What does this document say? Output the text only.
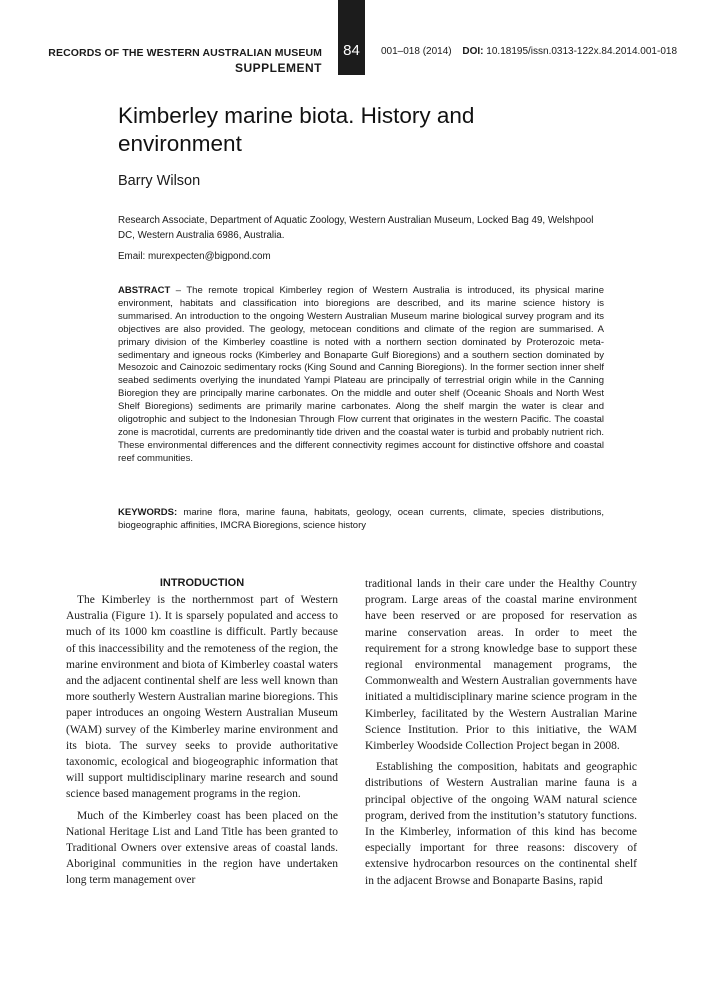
RECORDS OF THE WESTERN AUSTRALIAN MUSEUM
SUPPLEMENT
84	001–018 (2014) DOI: 10.18195/issn.0313-122x.84.2014.001-018
Kimberley marine biota. History and environment
Barry Wilson
Research Associate, Department of Aquatic Zoology, Western Australian Museum, Locked Bag 49, Welshpool DC, Western Australia 6986, Australia.
Email: murexpecten@bigpond.com

ABSTRACT – The remote tropical Kimberley region of Western Australia is introduced, its physical marine environment, habitats and classification into bioregions are described, and its marine science history is summarised. An introduction to the ongoing Western Australian Museum marine biological survey program and its objectives are also provided. The geology, metocean conditions and climate of the region are summarised. A primary division of the Kimberley coastline is noted with a northern section dominated by Proterozoic meta-sedimentary and igneous rocks (Kimberley and Bonaparte Gulf Bioregions) and a southern section dominated by Mesozoic and Cainozoic sedimentary rocks (King Sound and Canning Bioregions). In the former section inner shelf seabed sediments overlying the inundated Yampi Plateau are principally of terrestrial origin while in the Canning Bioregion they are principally marine carbonates. On the middle and outer shelf (Oceanic Shoals and North West Shelf Bioregions) sediments are primarily marine carbonates. Along the shelf margin the water is clear and oligotrophic and subject to the Indonesian Through Flow current that originates in the western Pacific. The coastal zone is macrotidal, currents are predominantly tide driven and the coastal water is turbid and probably nutrient rich. These environmental differences and the different connectivity regimes account for distinctive offshore and coastal reef communities.

KEYWORDS: marine flora, marine fauna, habitats, geology, ocean currents, climate, species distributions, biogeographic affinities, IMCRA Bioregions, science history

INTRODUCTION

The Kimberley is the northernmost part of Western Australia (Figure 1). It is sparsely populated and access to much of its 1000 km coastline is difficult. Partly because of this inaccessibility and the remoteness of the region, the marine environment and biota of Kimberley coastal waters and the adjacent continental shelf are less well known than more southerly Western Australian marine bioregions. This paper introduces an ongoing Western Australian Museum (WAM) survey of the Kimberley marine environment and its biota. The survey seeks to provide authoritative taxonomic, ecological and biogeographic information that will support multidisciplinary marine research and sound science based management programs in the region.

Much of the Kimberley coast has been placed on the National Heritage List and Land Title has been granted to Traditional Owners over extensive areas of coastal lands. Aboriginal communities in the region have undertaken long term management over

traditional lands in their care under the Healthy Country program. Large areas of the coastal marine environment have been reserved or are proposed for reservation as marine conservation areas. In order to meet the requirement for a strong knowledge base to support these regional environmental management programs, the Commonwealth and Western Australian governments have initiated a multidisciplinary marine science program in the Kimberley, facilitated by the Western Australian Marine Science Institution. Prior to this initiative, the WAM Kimberley Woodside Collection Project began in 2008.

Establishing the composition, habitats and geographic distributions of Western Australian marine fauna is a principal objective of the ongoing WAM natural science program, derived from the institution’s statutory functions. In the Kimberley, information of this kind has become especially important for three reasons: discovery of extensive hydrocarbon resources on the continental shelf in the adjacent Browse and Bonaparte Basins, rapid
